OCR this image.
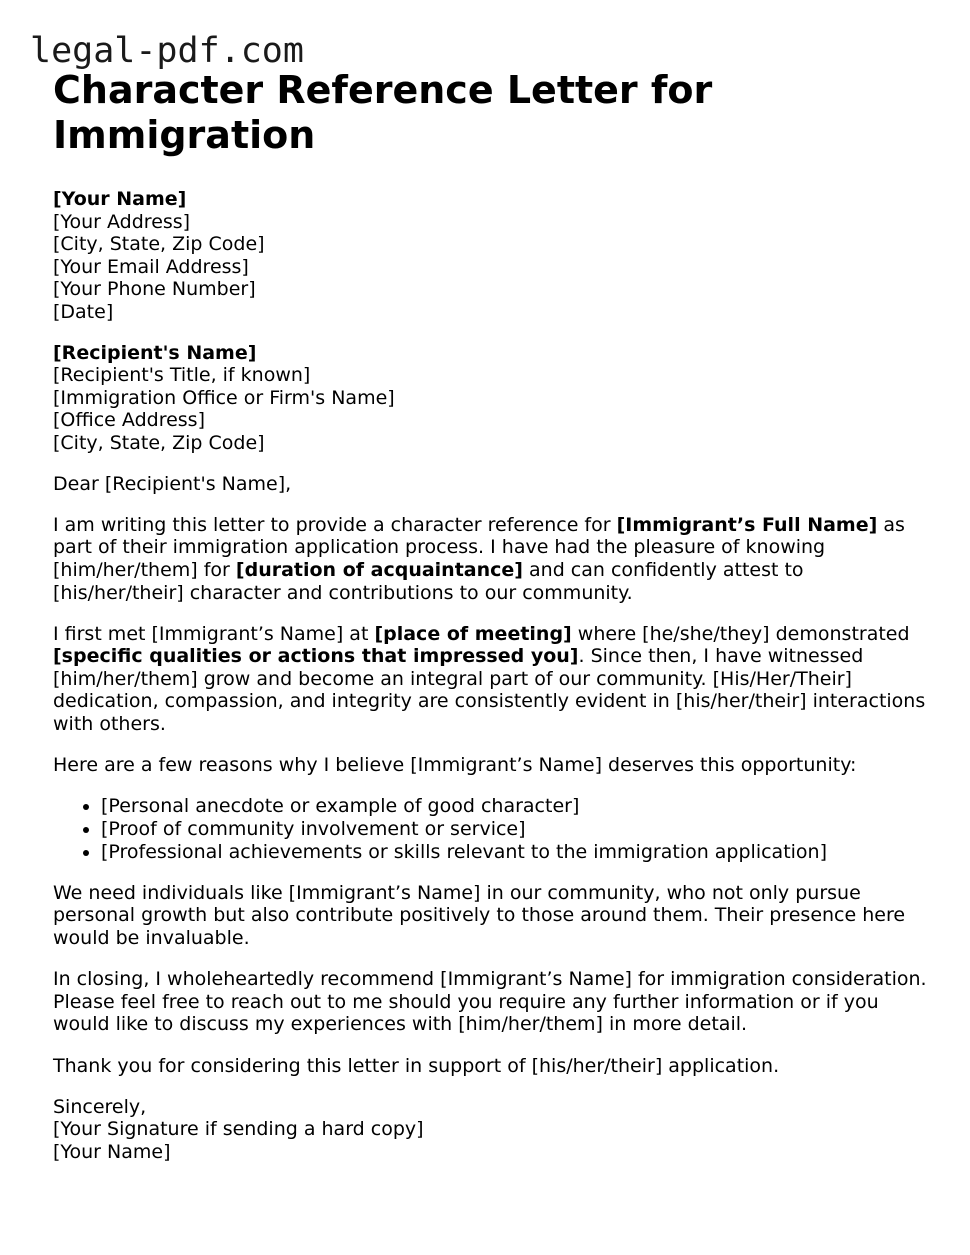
legal-pdf.com
Character Reference Letter for Immigration
[Your Name]
[Your Address]
[City, State, Zip Code]
[Your Email Address]
[Your Phone Number]
[Date]
[Recipient's Name]
[Recipient's Title, if known]
[Immigration Office or Firm's Name]
[Office Address]
[City, State, Zip Code]

Dear [Recipient's Name],

I am writing this letter to provide a character reference for [Immigrant’s Full Name] as part of their immigration application process. I have had the pleasure of knowing [him/her/them] for [duration of acquaintance] and can confidently attest to [his/her/their] character and contributions to our community.

I first met [Immigrant’s Name] at [place of meeting] where [he/she/they] demonstrated [specific qualities or actions that impressed you]. Since then, I have witnessed [him/her/them] grow and become an integral part of our community. [His/Her/Their] dedication, compassion, and integrity are consistently evident in [his/her/their] interactions with others.

Here are a few reasons why I believe [Immigrant’s Name] deserves this opportunity:

• [Personal anecdote or example of good character]
• [Proof of community involvement or service]
• [Professional achievements or skills relevant to the immigration application]

We need individuals like [Immigrant’s Name] in our community, who not only pursue personal growth but also contribute positively to those around them. Their presence here would be invaluable.

In closing, I wholeheartedly recommend [Immigrant’s Name] for immigration consideration. Please feel free to reach out to me should you require any further information or if you would like to discuss my experiences with [him/her/them] in more detail.

Thank you for considering this letter in support of [his/her/their] application.

Sincerely,
[Your Signature if sending a hard copy]
[Your Name]
